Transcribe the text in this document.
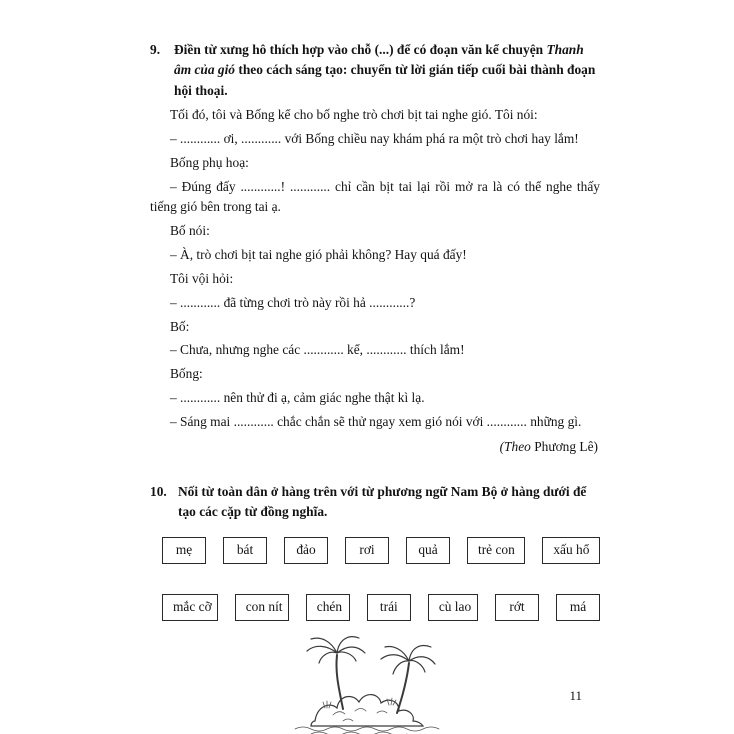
9.	Điền từ xưng hô thích hợp vào chỗ (...) để có đoạn văn kể chuyện Thanh âm của gió theo cách sáng tạo: chuyển từ lời gián tiếp cuối bài thành đoạn hội thoại.

Tối đó, tôi và Bống kể cho bố nghe trò chơi bịt tai nghe gió. Tôi nói:

– ............ ơi, ............ với Bống chiều nay khám phá ra một trò chơi hay lắm!

Bống phụ hoạ:

– Đúng đấy ............! ............ chỉ cần bịt tai lại rồi mở ra là có thể nghe thấy tiếng gió bên trong tai ạ.

Bố nói:

– À, trò chơi bịt tai nghe gió phải không? Hay quá đấy!

Tôi vội hỏi:

– ............ đã từng chơi trò này rồi hả ............?

Bố:

– Chưa, nhưng nghe các ............ kể, ............ thích lắm!

Bống:

– ............ nên thử đi ạ, cảm giác nghe thật kì lạ.

– Sáng mai ............ chắc chắn sẽ thử ngay xem gió nói với ............ những gì.

(Theo Phương Lê)
10. Nối từ toàn dân ở hàng trên với từ phương ngữ Nam Bộ ở hàng dưới để tạo các cặp từ đồng nghĩa.
mẹ	bát	đảo	rơi	quả	trẻ con	xấu hổ
mắc cỡ	con nít	chén	trái	cù lao	rớt	má
11
